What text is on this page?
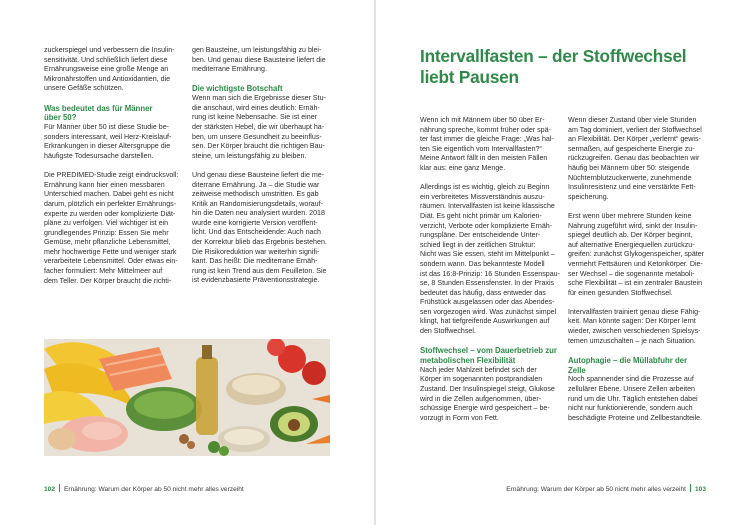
zuckerspiegel und verbessern die Insulin-
sensitivität. Und schließlich liefert diese
Ernährungsweise eine große Menge an
Mikronährstoffen und Antioxidantien, die
unsere Gefäße schützen.

Was bedeutet das für Männer
über 50?

Für Männer über 50 ist diese Studie be-
sonders interessant, weil Herz-Kreislauf-
Erkrankungen in dieser Altersgruppe die
häufigste Todesursache darstellen.

Die PREDIMED-Studie zeigt eindrucksvoll:
Ernährung kann hier einen messbaren
Unterschied machen. Dabei geht es nicht
darum, plötzlich ein perfekter Ernährungs-
experte zu werden oder komplizierte Diät-
pläne zu verfolgen. Viel wichtiger ist ein
grundlegendes Prinzip: Essen Sie mehr
Gemüse, mehr pflanzliche Lebensmittel,
mehr hochwertige Fette und weniger stark
verarbeitete Lebensmittel. Oder etwas ein-
facher formuliert: Mehr Mittelmeer auf
dem Teller. Der Körper braucht die richti-

gen Bausteine, um leistungsfähig zu blei-
ben. Und genau diese Bausteine liefert die
mediterrane Ernährung.

Die wichtigste Botschaft

Wenn man sich die Ergebnisse dieser Stu-
die anschaut, wird eines deutlich: Ernäh-
rung ist keine Nebensache. Sie ist einer
der stärksten Hebel, die wir überhaupt ha-
ben, um unsere Gesundheit zu beeinflus-
sen. Der Körper braucht die richtigen Bau-
steine, um leistungsfähig zu bleiben.

Und genau diese Bausteine liefert die me-
diterrane Ernährung. Ja – die Studie war
zeitweise methodisch umstritten. Es gab
Kritik an Randomisierungsdetails, worauf-
hin die Daten neu analysiert wurden. 2018
wurde eine korrigierte Version veröffent-
licht. Und das Entscheidende: Auch nach
der Korrektur blieb das Ergebnis bestehen.
Die Risikoreduktion war weiterhin signifi-
kant. Das heißt: Die mediterrane Ernäh-
rung ist kein Trend aus dem Feuilleton. Sie
ist evidenzbasierte Präventionsstrategie.

102 Ernährung: Warum der Körper ab 50 nicht mehr alles verzeiht
Intervallfasten – der Stoffwechsel
liebt Pausen

Wenn ich mit Männern über 50 über Er-
nährung spreche, kommt früher oder spä-
ter fast immer die gleiche Frage: „Was hal-
ten Sie eigentlich vom Intervallfasten?“
Meine Antwort fällt in den meisten Fällen
klar aus: eine ganz Menge.

Allerdings ist es wichtig, gleich zu Beginn
ein verbreitetes Missverständnis auszu-
räumen. Intervallfasten ist keine klassische
Diät. Es geht nicht primär um Kalorien-
verzicht, Verbote oder komplizierte Ernäh-
rungspläne. Der entscheidende Unter-
schied liegt in der zeitlichen Struktur:
Nicht was Sie essen, steht im Mittelpunkt –
sondern wann. Das bekannteste Modell
ist das 16:8-Prinzip: 16 Stunden Essenspau-
se, 8 Stunden Essensfenster. In der Praxis
bedeutet das häufig, dass entweder das
Frühstück ausgelassen oder das Abendes-
sen vorgezogen wird. Was zunächst simpel
klingt, hat tiefgreifende Auswirkungen auf
den Stoffwechsel.

Stoffwechsel – vom Dauerbetrieb zur
metabolischen Flexibilität

Nach jeder Mahlzeit befindet sich der
Körper im sogenannten postprandialen
Zustand. Der Insulinspiegel steigt, Glukose
wird in die Zellen aufgenommen, über-
schüssige Energie wird gespeichert – be-
vorzugt in Form von Fett.

Wenn dieser Zustand über viele Stunden
am Tag dominiert, verliert der Stoffwechsel
an Flexibilität. Der Körper „verlernt“ gewis-
sermaßen, auf gespeicherte Energie zu-
rückzugreifen. Genau das beobachten wir
häufig bei Männern über 50: steigende
Nüchternblutzuckerwerte, zunehmende
Insulinresistenz und eine verstärkte Fett-
speicherung.

Erst wenn über mehrere Stunden keine
Nahrung zugeführt wird, sinkt der Insulin-
spiegel deutlich ab. Der Körper beginnt,
auf alternative Energiequellen zurückzu-
greifen: zunächst Glykogenspeicher, später
vermehrt Fettsäuren und Ketonkörper. Die-
ser Wechsel – die sogenannte metaboli-
sche Flexibilität – ist ein zentraler Baustein
für einen gesunden Stoffwechsel.

Intervallfasten trainiert genau diese Fähig-
keit. Man könnte sagen: Der Körper lernt
wieder, zwischen verschiedenen Spielsys-
temen umzuschalten – je nach Situation.

Autophagie – die Müllabfuhr der
Zelle

Noch spannender sind die Prozesse auf
zellulärer Ebene. Unsere Zellen arbeiten
rund um die Uhr. Täglich entstehen dabei
nicht nur funktionierende, sondern auch
beschädigte Proteine und Zellbestandteile.

Ernährung: Warum der Körper ab 50 nicht mehr alles verzeiht 103
